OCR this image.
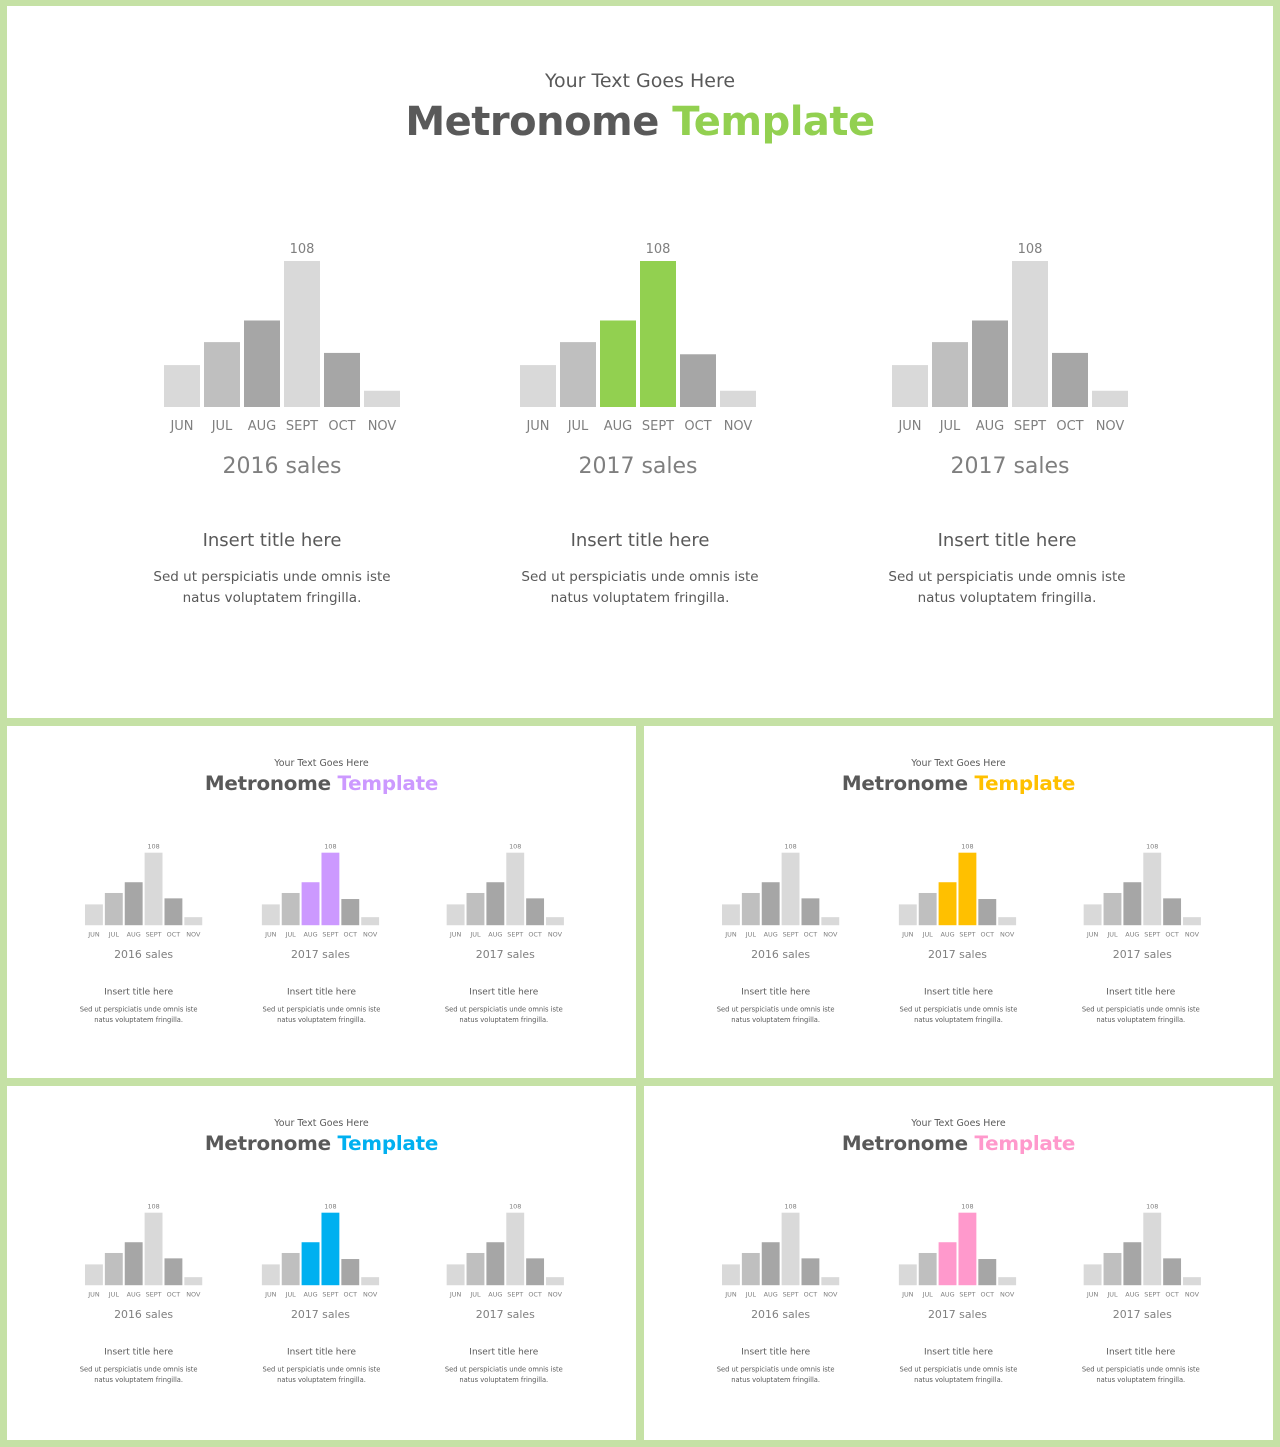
Your Text Goes Here
Metronome Template
JUN JUL AUG SEPT
108
OCT NOV
2016 sales
Insert title here
Sed ut perspiciatis unde omnis iste
natus voluptatem fringilla.
JUN JUL AUG SEPT
108
OCT NOV
2017 sales
Insert title here
Sed ut perspiciatis unde omnis iste
natus voluptatem fringilla.
JUN JUL AUG SEPT
108
OCT NOV
2017 sales
Insert title here
Sed ut perspiciatis unde omnis iste
natus voluptatem fringilla.
Your Text Goes Here
Metronome Template
JUN JUL AUG SEPT
108
OCT NOV
2016 sales
Insert title here
Sed ut perspiciatis unde omnis iste
natus voluptatem fringilla.
JUN JUL AUG SEPT
108
OCT NOV
2017 sales
Insert title here
Sed ut perspiciatis unde omnis iste
natus voluptatem fringilla.
JUN JUL AUG SEPT
108
OCT NOV
2017 sales
Insert title here
Sed ut perspiciatis unde omnis iste
natus voluptatem fringilla.
Your Text Goes Here
Metronome Template
JUN JUL AUG SEPT
108
OCT NOV
2016 sales
Insert title here
Sed ut perspiciatis unde omnis iste
natus voluptatem fringilla.
JUN JUL AUG SEPT
108
OCT NOV
2017 sales
Insert title here
Sed ut perspiciatis unde omnis iste
natus voluptatem fringilla.
JUN JUL AUG SEPT
108
OCT NOV
2017 sales
Insert title here
Sed ut perspiciatis unde omnis iste
natus voluptatem fringilla.
Your Text Goes Here
Metronome Template
JUN JUL AUG SEPT
108
OCT NOV
2016 sales
Insert title here
Sed ut perspiciatis unde omnis iste
natus voluptatem fringilla.
JUN JUL AUG SEPT
108
OCT NOV
2017 sales
Insert title here
Sed ut perspiciatis unde omnis iste
natus voluptatem fringilla.
JUN JUL AUG SEPT
108
OCT NOV
2017 sales
Insert title here
Sed ut perspiciatis unde omnis iste
natus voluptatem fringilla.
Your Text Goes Here
Metronome Template
JUN JUL AUG SEPT
108
OCT NOV
2016 sales
Insert title here
Sed ut perspiciatis unde omnis iste
natus voluptatem fringilla.
JUN JUL AUG SEPT
108
OCT NOV
2017 sales
Insert title here
Sed ut perspiciatis unde omnis iste
natus voluptatem fringilla.
JUN JUL AUG SEPT
108
OCT NOV
2017 sales
Insert title here
Sed ut perspiciatis unde omnis iste
natus voluptatem fringilla.
